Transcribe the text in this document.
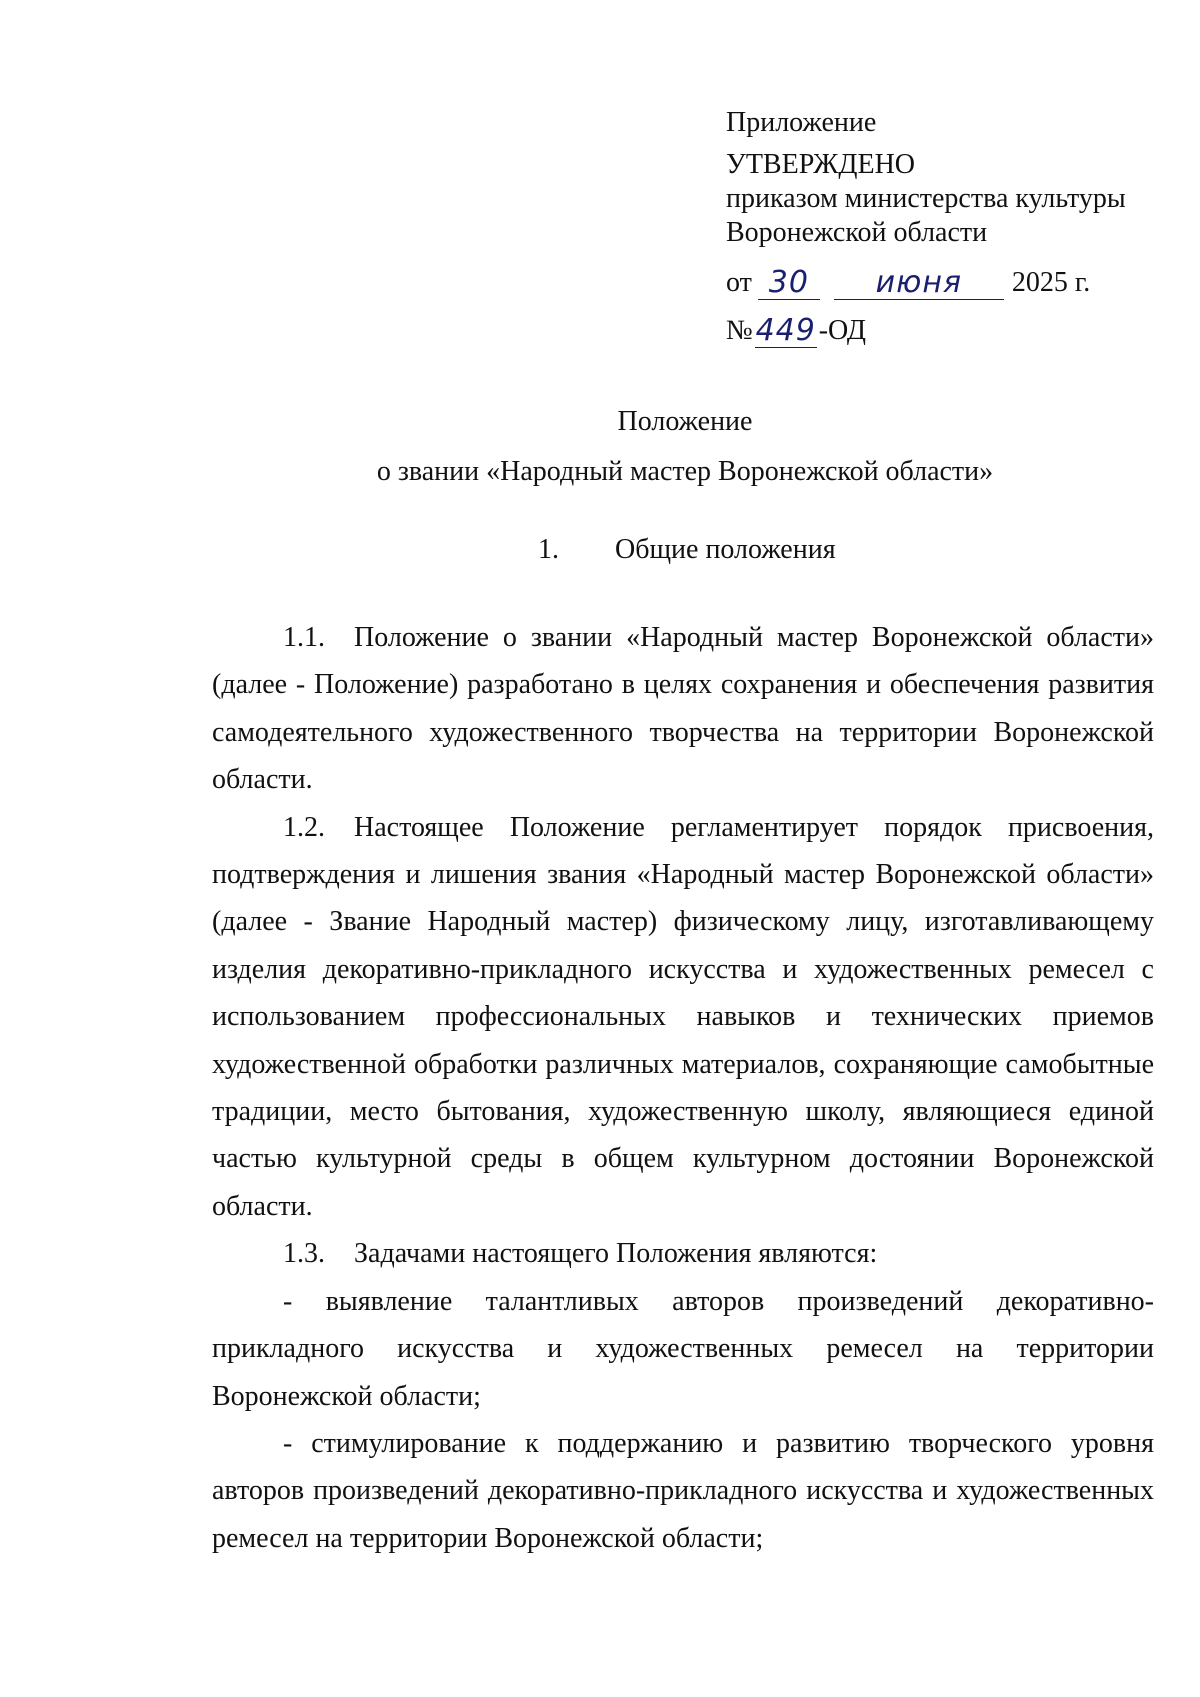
Приложение
УТВЕРЖДЕНО
приказом министерства культуры
Воронежской области
от 30	июня	2025 г.
№ 449 -ОД
Положение
о звании «Народный мастер Воронежской области»
1. Общие положения

1.1. Положение о звании «Народный мастер Воронежской области» (далее - Положение) разработано в целях сохранения и обеспечения развития самодеятельного художественного творчества на территории Воронежской области.

1.2. Настоящее Положение регламентирует порядок присвоения, подтверждения и лишения звания «Народный мастер Воронежской области» (далее - Звание Народный мастер) физическому лицу, изготавливающему изделия декоративно-прикладного искусства и художественных ремесел с использованием профессиональных навыков и технических приемов художественной обработки различных материалов, сохраняющие самобытные традиции, место бытования, художественную школу, являющиеся единой частью культурной среды в общем культурном достоянии Воронежской области.

1.3. Задачами настоящего Положения являются:

- выявление талантливых авторов произведений декоративно-прикладного искусства и художественных ремесел на территории Воронежской области;

- стимулирование к поддержанию и развитию творческого уровня авторов произведений декоративно-прикладного искусства и художественных ремесел на территории Воронежской области;
